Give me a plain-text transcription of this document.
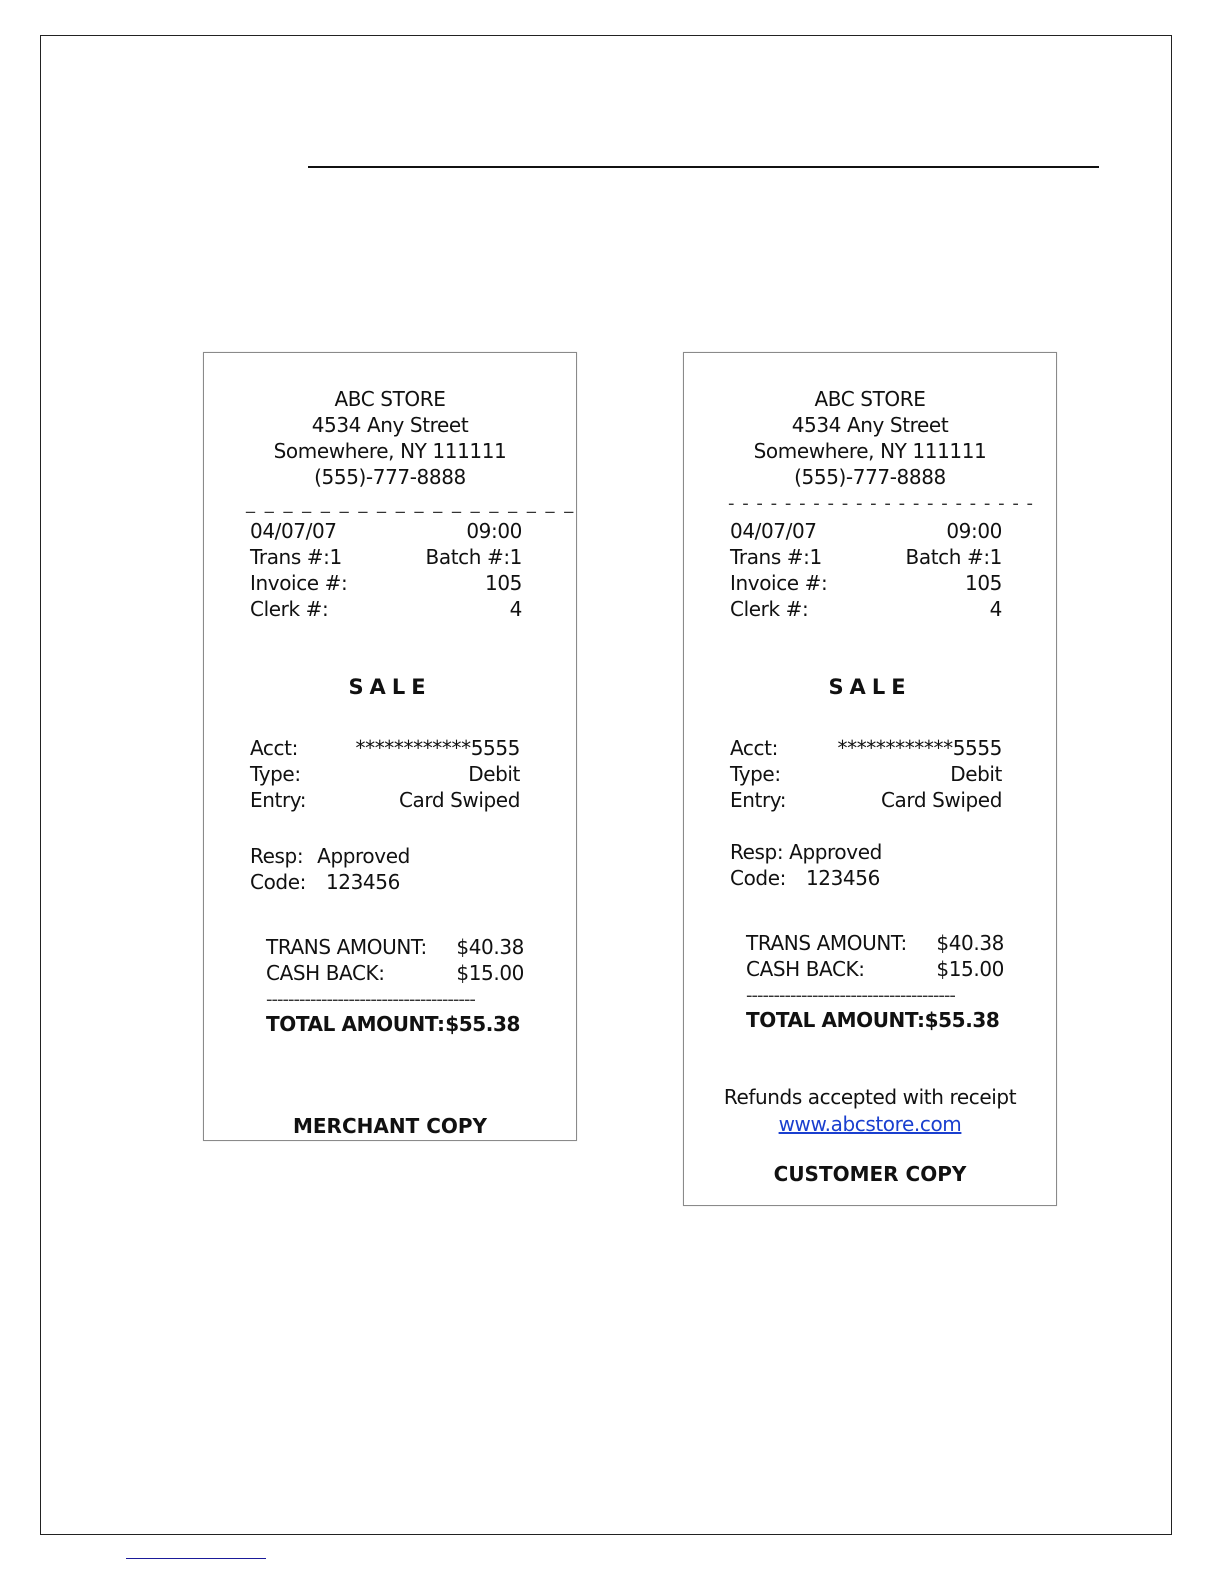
ABC STORE
4534 Any Street
Somewhere, NY 111111
(555)-777-8888
_ _ _ _ _ _ _ _ _ _ _ _ _ _ _ _ _ _
04/07/07	09:00
Trans #:1	Batch #:1
Invoice #:	105
Clerk #:	4
SALE
Acct:	************5555
Type:	Debit
Entry:	Card Swiped
Resp: Approved
Code: 123456
TRANS AMOUNT: $40.38
CASH BACK:	$15.00
--------------------------------------
TOTAL AMOUNT: $55.38
MERCHANT COPY
ABC STORE
4534 Any Street
Somewhere, NY 111111
(555)-777-8888
- - - - - - - - - - - - - - - - - - - - - -
04/07/07	09:00
Trans #:1	Batch #:1
Invoice #:	105
Clerk #:	4
SALE
Acct:	************5555
Type:	Debit
Entry:	Card Swiped
Resp: Approved
Code: 123456
TRANS AMOUNT: $40.38
CASH BACK:	$15.00
--------------------------------------
TOTAL AMOUNT: $55.38
Refunds accepted with receipt
www.abcstore.com
CUSTOMER COPY
